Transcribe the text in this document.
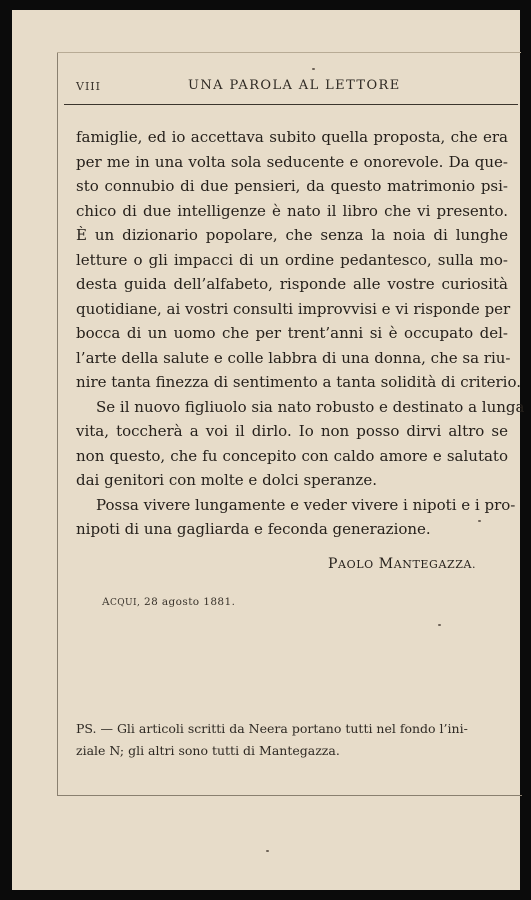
VIII	UNA PAROLA AL LETTORE
famiglie, ed io accettava subito quella proposta, che era
per me in una volta sola seducente e onorevole. Da que-
sto connubio di due pensieri, da questo matrimonio psi-
chico di due intelligenze è nato il libro che vi presento.
È un dizionario popolare, che senza la noia di lunghe
letture o gli impacci di un ordine pedantesco, sulla mo-
desta guida dell’alfabeto, risponde alle vostre curiosità
quotidiane, ai vostri consulti improvvisi e vi risponde per
bocca di un uomo che per trent’anni si è occupato del-
l’arte della salute e colle labbra di una donna, che sa riu-
nire tanta finezza di sentimento a tanta solidità di criterio.
Se il nuovo figliuolo sia nato robusto e destinato a lunga
vita, toccherà a voi il dirlo. Io non posso dirvi altro se
non questo, che fu concepito con caldo amore e salutato
dai genitori con molte e dolci speranze.
Possa vivere lungamente e veder vivere i nipoti e i pro-
nipoti di una gagliarda e feconda generazione.
PAOLO MANTEGAZZA.
ACQUI, 28 agosto 1881.
PS. — Gli articoli scritti da Neera portano tutti nel fondo l’ini-
ziale N; gli altri sono tutti di Mantegazza.
